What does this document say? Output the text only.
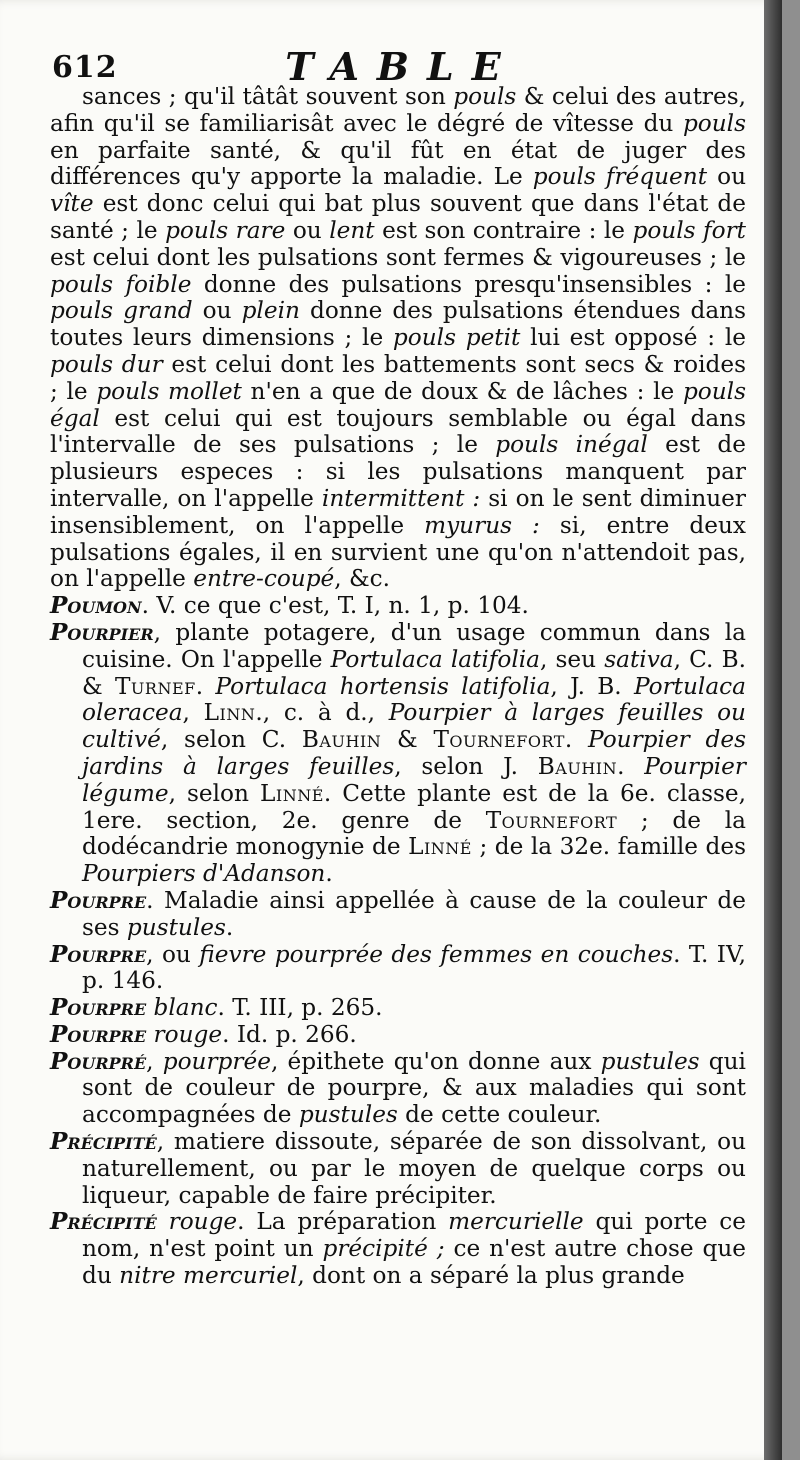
612	TABLE

sances ; qu'il tâtât souvent son pouls & celui des autres, afin qu'il se familiarisât avec le dégré de vîtesse du pouls en parfaite santé, & qu'il fût en état de juger des différences qu'y apporte la maladie. Le pouls fréquent ou vîte est donc celui qui bat plus souvent que dans l'état de santé ; le pouls rare ou lent est son contraire : le pouls fort est celui dont les pulsations sont fermes & vigoureuses ; le pouls foible donne des pulsations presqu'insensibles : le pouls grand ou plein donne des pulsations étendues dans toutes leurs dimensions ; le pouls petit lui est opposé : le pouls dur est celui dont les battements sont secs & roides ; le pouls mollet n'en a que de doux & de lâches : le pouls égal est celui qui est toujours semblable ou égal dans l'intervalle de ses pulsations ; le pouls inégal est de plusieurs especes : si les pulsations manquent par intervalle, on l'appelle intermittent : si on le sent diminuer insensiblement, on l'appelle myurus : si, entre deux pulsations égales, il en survient une qu'on n'attendoit pas, on l'appelle entre-coupé, &c.

Poumon. V. ce que c'est, T. I, n. 1, p. 104.

Pourpier, plante potagere, d'un usage commun dans la cuisine. On l'appelle Portulaca latifolia, seu sativa, C. B. & Turnef. Portulaca hortensis latifolia, J. B. Portulaca oleracea, Linn., c. à d., Pourpier à larges feuilles ou cultivé, selon C. Bauhin & Tournefort. Pourpier des jardins à larges feuilles, selon J. Bauhin. Pourpier légume, selon Linné. Cette plante est de la 6e. classe, 1ere. section, 2e. genre de Tournefort ; de la dodécandrie monogynie de Linné ; de la 32e. famille des Pourpiers d'Adanson.

Pourpre. Maladie ainsi appellée à cause de la couleur de ses pustules.

Pourpre, ou fievre pourprée des femmes en couches. T. IV, p. 146.

Pourpre blanc. T. III, p. 265.

Pourpre rouge. Id. p. 266.

Pourpré, pourprée, épithete qu'on donne aux pustules qui sont de couleur de pourpre, & aux maladies qui sont accompagnées de pustules de cette couleur.

Précipité, matiere dissoute, séparée de son dissolvant, ou naturellement, ou par le moyen de quelque corps ou liqueur, capable de faire précipiter.

Précipité rouge. La préparation mercurielle qui porte ce nom, n'est point un précipité ; ce n'est autre chose que du nitre mercuriel, dont on a séparé la plus grande
